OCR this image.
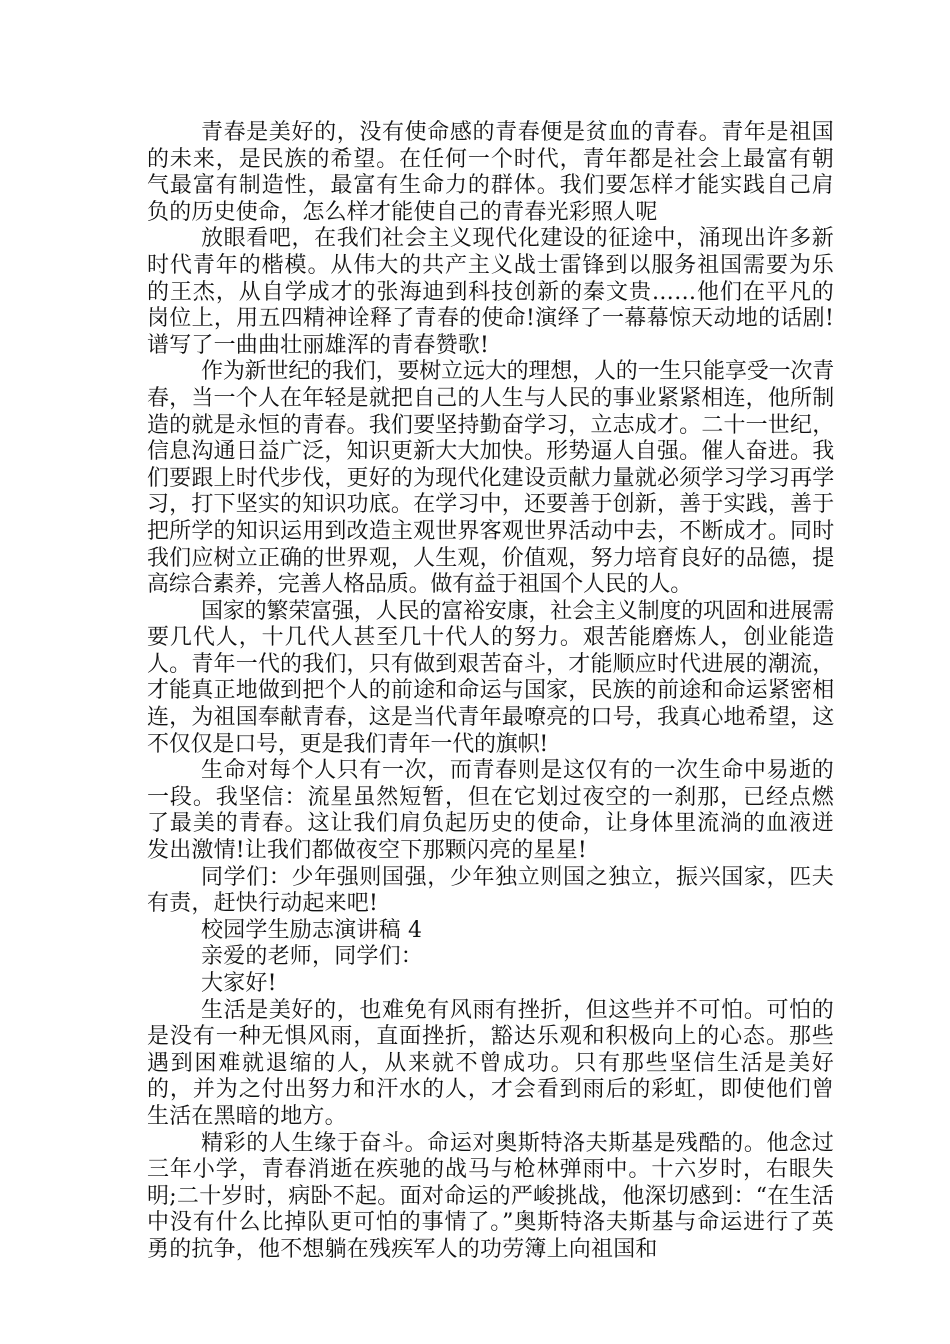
青春是美好的，没有使命感的青春便是贫血的青春。青年是祖国的未来，是民族的希望。在任何一个时代，青年都是社会上最富有朝气最富有制造性，最富有生命力的群体。我们要怎样才能实践自己肩负的历史使命，怎么样才能使自己的青春光彩照人呢

放眼看吧，在我们社会主义现代化建设的征途中，涌现出许多新时代青年的楷模。从伟大的共产主义战士雷锋到以服务祖国需要为乐的王杰，从自学成才的张海迪到科技创新的秦文贵……他们在平凡的岗位上，用五四精神诠释了青春的使命!演绎了一幕幕惊天动地的话剧!谱写了一曲曲壮丽雄浑的青春赞歌!

作为新世纪的我们，要树立远大的理想，人的一生只能享受一次青春，当一个人在年轻是就把自己的人生与人民的事业紧紧相连，他所制造的就是永恒的青春。我们要坚持勤奋学习，立志成才。二十一世纪，信息沟通日益广泛，知识更新大大加快。形势逼人自强。催人奋进。我们要跟上时代步伐，更好的为现代化建设贡献力量就必须学习学习再学习，打下坚实的知识功底。在学习中，还要善于创新，善于实践，善于把所学的知识运用到改造主观世界客观世界活动中去，不断成才。同时我们应树立正确的世界观，人生观，价值观，努力培育良好的品德，提高综合素养，完善人格品质。做有益于祖国个人民的人。

国家的繁荣富强，人民的富裕安康，社会主义制度的巩固和进展需要几代人，十几代人甚至几十代人的努力。艰苦能磨炼人，创业能造人。青年一代的我们，只有做到艰苦奋斗，才能顺应时代进展的潮流，才能真正地做到把个人的前途和命运与国家，民族的前途和命运紧密相连，为祖国奉献青春，这是当代青年最嘹亮的口号，我真心地希望，这不仅仅是口号，更是我们青年一代的旗帜!

生命对每个人只有一次，而青春则是这仅有的一次生命中易逝的一段。我坚信：流星虽然短暂，但在它划过夜空的一刹那，已经点燃了最美的青春。这让我们肩负起历史的使命，让身体里流淌的血液迸发出激情!让我们都做夜空下那颗闪亮的星星!

同学们：少年强则国强，少年独立则国之独立，振兴国家，匹夫有责，赶快行动起来吧!

校园学生励志演讲稿 4

亲爱的老师，同学们：

大家好!

生活是美好的，也难免有风雨有挫折，但这些并不可怕。可怕的是没有一种无惧风雨，直面挫折，豁达乐观和积极向上的心态。那些遇到困难就退缩的人，从来就不曾成功。只有那些坚信生活是美好的，并为之付出努力和汗水的人，才会看到雨后的彩虹，即使他们曾生活在黑暗的地方。

精彩的人生缘于奋斗。命运对奥斯特洛夫斯基是残酷的。他念过三年小学，青春消逝在疾驰的战马与枪林弹雨中。十六岁时，右眼失明;二十岁时，病卧不起。面对命运的严峻挑战，他深切感到：“在生活中没有什么比掉队更可怕的事情了。”奥斯特洛夫斯基与命运进行了英勇的抗争，他不想躺在残疾军人的功劳簿上向祖国和
